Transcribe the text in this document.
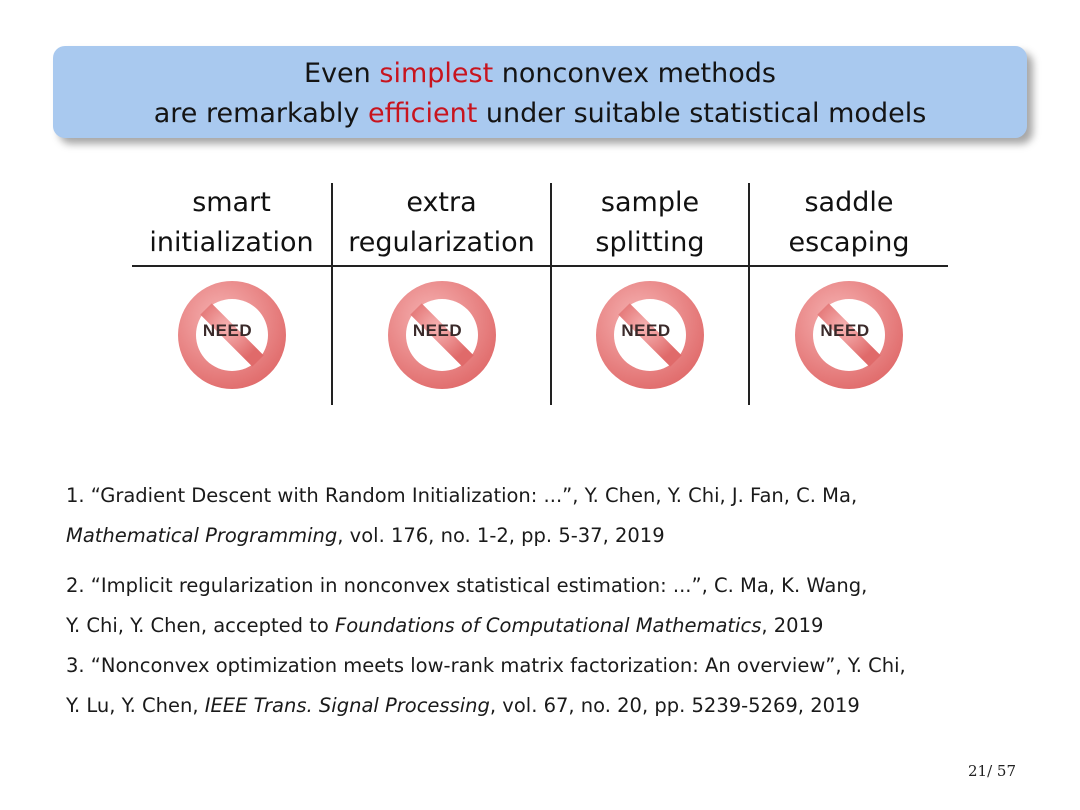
Even simplest nonconvex methods
are remarkably efficient under suitable statistical models
smart
initialization
NEED
extra
regularization
NEED
sample
splitting
NEED
saddle
escaping
NEED
1. “Gradient Descent with Random Initialization: ...”, Y. Chen, Y. Chi, J. Fan, C. Ma,
Mathematical Programming, vol. 176, no. 1-2, pp. 5-37, 2019
2. “Implicit regularization in nonconvex statistical estimation: ...”, C. Ma, K. Wang,
Y. Chi, Y. Chen, accepted to Foundations of Computational Mathematics, 2019
3. “Nonconvex optimization meets low-rank matrix factorization: An overview”, Y. Chi,
Y. Lu, Y. Chen, IEEE Trans. Signal Processing, vol. 67, no. 20, pp. 5239-5269, 2019
21/ 57
